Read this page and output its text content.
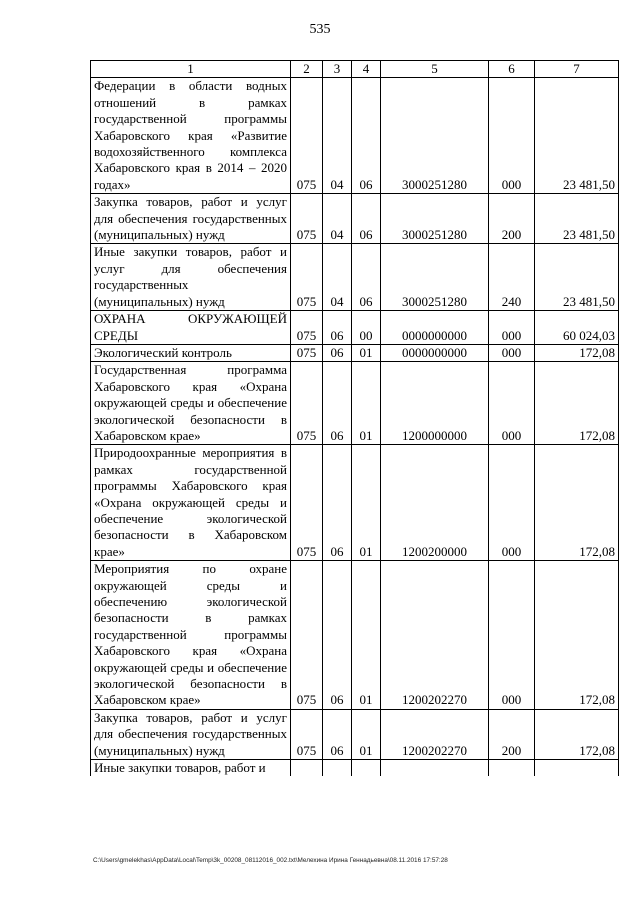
535
1	2	3	4	5	6	7
Федерации в области водных отношений в рамках государственной программы Хабаровского края «Развитие водохозяйственного комплекса Хабаровского края в 2014 – 2020 годах»	075	04	06	3000251280	000	23 481,50
Закупка товаров, работ и услуг для обеспечения государственных (муниципальных) нужд	075	04	06	3000251280	200	23 481,50
Иные закупки товаров, работ и услуг для обеспечения государственных (муниципальных) нужд	075	04	06	3000251280	240	23 481,50
ОХРАНА ОКРУЖАЮЩЕЙ СРЕДЫ	075	06	00	0000000000	000	60 024,03
Экологический контроль	075	06	01	0000000000	000	172,08
Государственная программа Хабаровского края «Охрана окружающей среды и обеспечение экологической безопасности в Хабаровском крае»	075	06	01	1200000000	000	172,08
Природоохранные мероприятия в рамках государственной программы Хабаровского края «Охрана окружающей среды и обеспечение экологической безопасности в Хабаровском крае»	075	06	01	1200200000	000	172,08
Мероприятия по охране окружающей среды и обеспечению экологической безопасности в рамках государственной программы Хабаровского края «Охрана окружающей среды и обеспечение экологической безопасности в Хабаровском крае»	075	06	01	1200202270	000	172,08
Закупка товаров, работ и услуг для обеспечения государственных (муниципальных) нужд	075	06	01	1200202270	200	172,08
Иные закупки товаров, работ и						
C:\Users\gmelekhas\AppData\Local\Temp\3k_00208_08112016_002.txt\Мелехина Ирина Геннадьевна\08.11.2016 17:57:28
